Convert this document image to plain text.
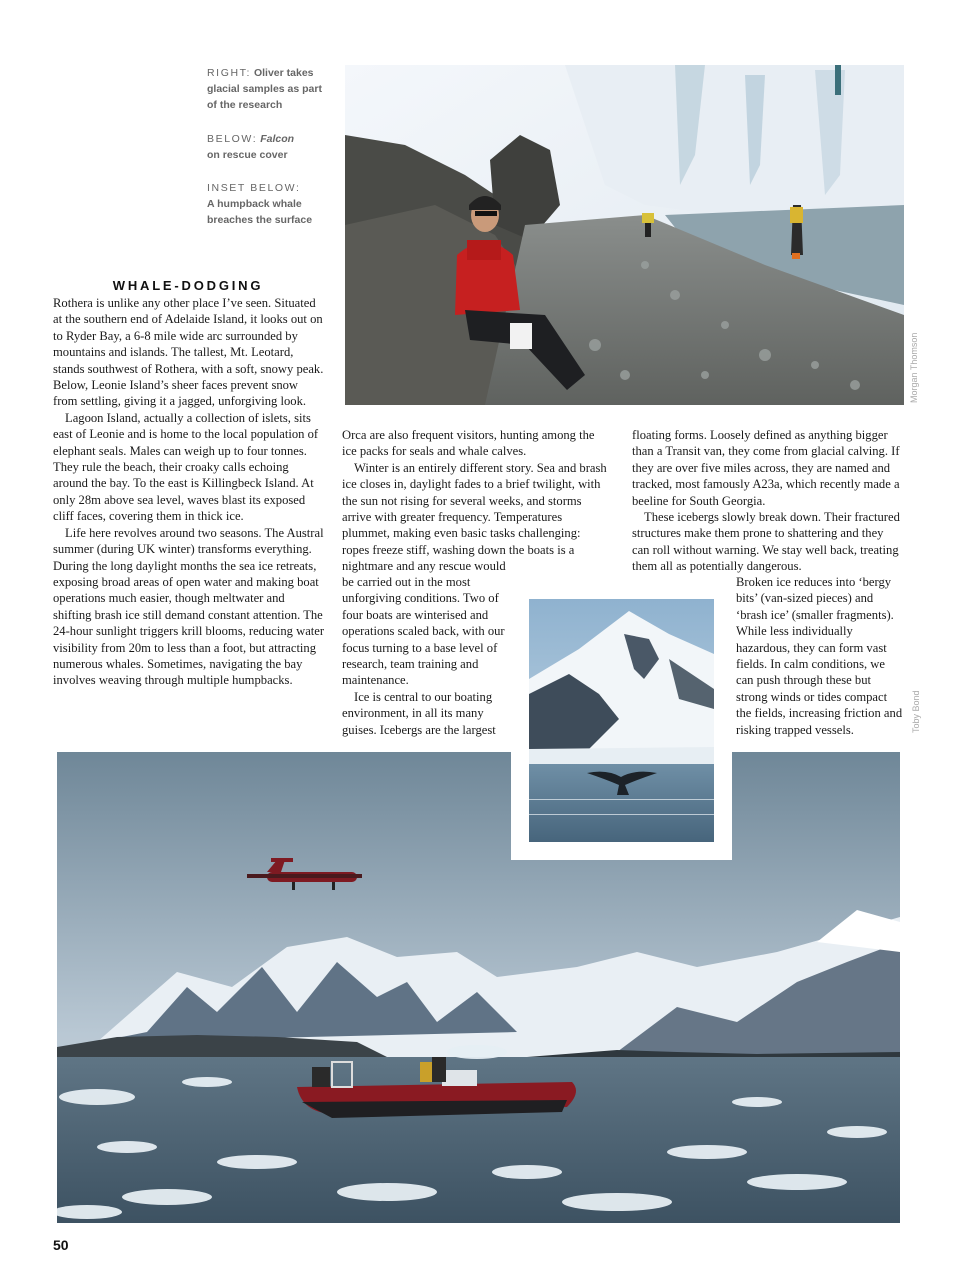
RIGHT: Oliver takes glacial samples as part of the research
BELOW: Falcon
on rescue cover
INSET BELOW:
A humpback whale breaches the surface
Morgan Thomson
WHALE-DODGING

Rothera is unlike any other place I’ve seen. Situated at the southern end of Adelaide Island, it looks out on to Ryder Bay, a 6-8 mile wide arc surrounded by mountains and islands. The tallest, Mt. Leotard, stands southwest of Rothera, with a soft, snowy peak. Below, Leonie Island’s sheer faces prevent snow from settling, giving it a jagged, unforgiving look.

Lagoon Island, actually a collection of islets, sits east of Leonie and is home to the local population of elephant seals. Males can weigh up to four tonnes. They rule the beach, their croaky calls echoing around the bay. To the east is Killingbeck Island. At only 28m above sea level, waves blast its exposed cliff faces, covering them in thick ice.

Life here revolves around two seasons. The Austral summer (during UK winter) transforms everything. During the long daylight months the sea ice retreats, exposing broad areas of open water and making boat operations much easier, though meltwater and shifting brash ice still demand constant attention. The 24-hour sunlight triggers krill blooms, reducing water visibility from 20m to less than a foot, but attracting numerous whales. Sometimes, navigating the bay involves weaving through multiple humpbacks.

Orca are also frequent visitors, hunting among the ice packs for seals and whale calves.

Winter is an entirely different story. Sea and brash ice closes in, daylight fades to a brief twilight, with the sun not rising for several weeks, and storms arrive with greater frequency. Temperatures plummet, making even basic tasks challenging: ropes freeze stiff, washing down the boats is a nightmare and any rescue would

be carried out in the most unforgiving conditions. Two of four boats are winterised and operations scaled back, with our focus turning to a base level of research, team training and maintenance.

Ice is central to our boating environment, in all its many guises. Icebergs are the largest

floating forms. Loosely defined as anything bigger than a Transit van, they come from glacial calving. If they are over five miles across, they are named and tracked, most famously A23a, which recently made a beeline for South Georgia.

These icebergs slowly break down. Their fractured structures make them prone to shattering and they can roll without warning. We stay well back, treating them all as potentially dangerous.

Broken ice reduces into ‘bergy bits’ (van-sized pieces) and ‘brash ice’ (smaller fragments). While less individually hazardous, they can form vast fields. In calm conditions, we can push through these but strong winds or tides compact the fields, increasing friction and risking trapped vessels.	Toby Bond
50
